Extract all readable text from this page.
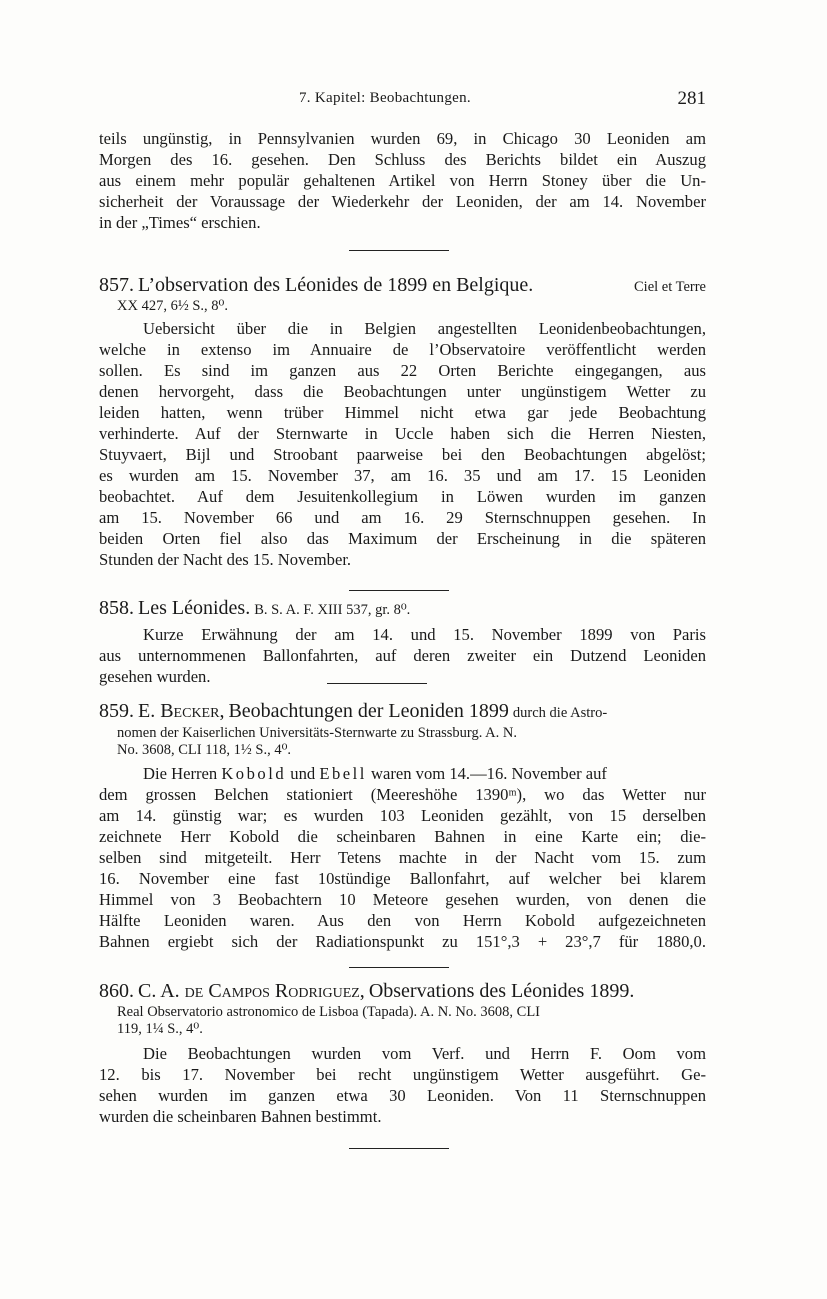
7. Kapitel: Beobachtungen.	281
teils ungünstig, in Pennsylvanien wurden 69, in Chicago 30 Leoniden am
Morgen des 16. gesehen. Den Schluss des Berichts bildet ein Auszug
aus einem mehr populär gehaltenen Artikel von Herrn Stoney über die Un-
sicherheit der Voraussage der Wiederkehr der Leoniden, der am 14. November
in der „Times“ erschien.
857. L’observation des Léonides de 1899 en Belgique.	Ciel et Terre
XX 427, 6½ S., 8⁰.
Uebersicht über die in Belgien angestellten Leonidenbeobachtungen,
welche in extenso im Annuaire de l’Observatoire veröffentlicht werden
sollen. Es sind im ganzen aus 22 Orten Berichte eingegangen, aus
denen hervorgeht, dass die Beobachtungen unter ungünstigem Wetter zu
leiden hatten, wenn trüber Himmel nicht etwa gar jede Beobachtung
verhinderte. Auf der Sternwarte in Uccle haben sich die Herren Niesten,
Stuyvaert, Bijl und Stroobant paarweise bei den Beobachtungen abgelöst;
es wurden am 15. November 37, am 16. 35 und am 17. 15 Leoniden
beobachtet. Auf dem Jesuitenkollegium in Löwen wurden im ganzen
am 15. November 66 und am 16. 29 Sternschnuppen gesehen. In
beiden Orten fiel also das Maximum der Erscheinung in die späteren
Stunden der Nacht des 15. November.
858. Les Léonides. B. S. A. F. XIII 537, gr. 8⁰.
Kurze Erwähnung der am 14. und 15. November 1899 von Paris
aus unternommenen Ballonfahrten, auf deren zweiter ein Dutzend Leoniden
gesehen wurden.
859. E. Becker, Beobachtungen der Leoniden 1899 durch die Astro-
nomen der Kaiserlichen Universitäts-Sternwarte zu Strassburg. A. N.
No. 3608, CLI 118, 1½ S., 4⁰.
Die Herren Kobold und Ebell waren vom 14.—16. November auf
dem grossen Belchen stationiert (Meereshöhe 1390ᵐ), wo das Wetter nur
am 14. günstig war; es wurden 103 Leoniden gezählt, von 15 derselben
zeichnete Herr Kobold die scheinbaren Bahnen in eine Karte ein; die-
selben sind mitgeteilt. Herr Tetens machte in der Nacht vom 15. zum
16. November eine fast 10stündige Ballonfahrt, auf welcher bei klarem
Himmel von 3 Beobachtern 10 Meteore gesehen wurden, von denen die
Hälfte Leoniden waren. Aus den von Herrn Kobold aufgezeichneten
Bahnen ergiebt sich der Radiationspunkt zu 151°,3 + 23°,7 für 1880,0.
860. C. A. de Campos Rodriguez, Observations des Léonides 1899.
Real Observatorio astronomico de Lisboa (Tapada). A. N. No. 3608, CLI
119, 1¼ S., 4⁰.
Die Beobachtungen wurden vom Verf. und Herrn F. Oom vom
12. bis 17. November bei recht ungünstigem Wetter ausgeführt. Ge-
sehen wurden im ganzen etwa 30 Leoniden. Von 11 Sternschnuppen
wurden die scheinbaren Bahnen bestimmt.
